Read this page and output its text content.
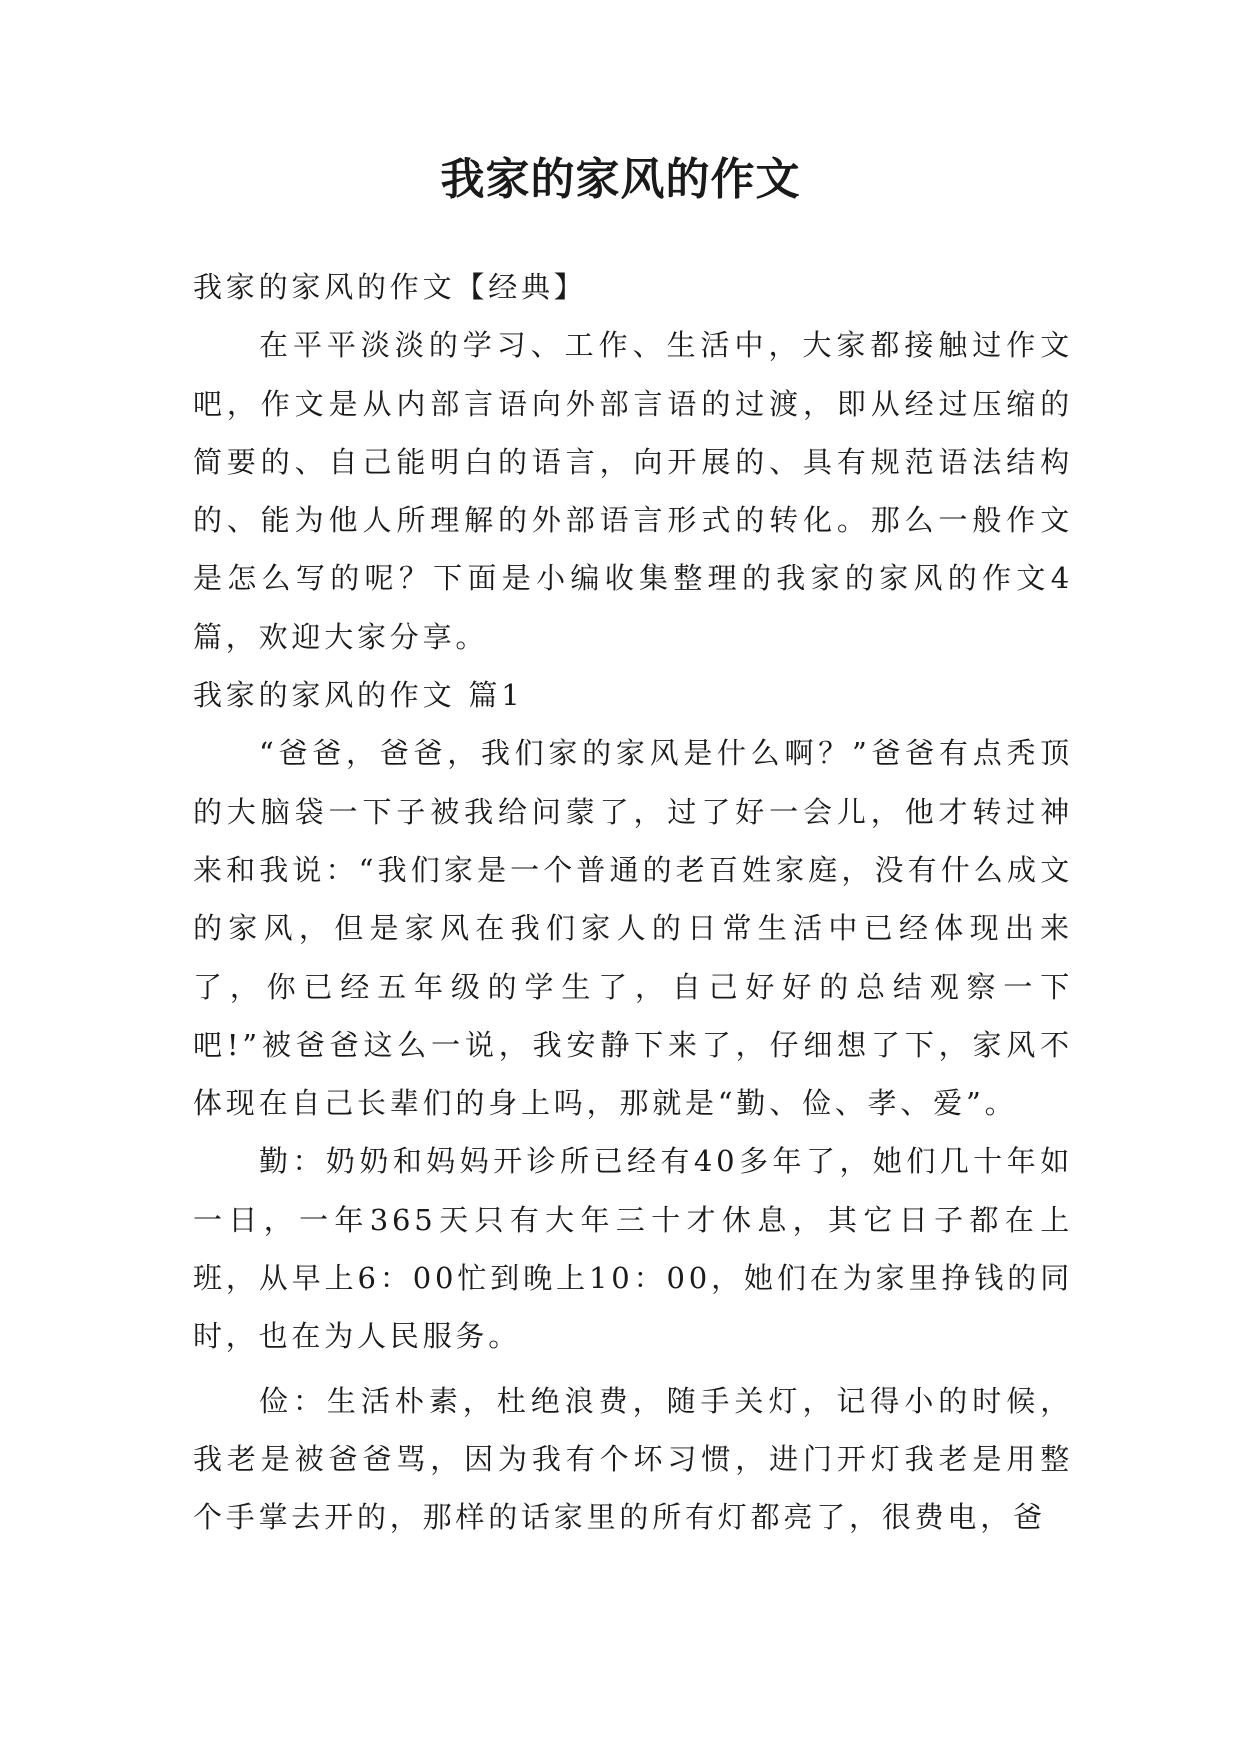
我家的家风的作文

我家的家风的作文【经典】

在平平淡淡的学习、工作、生活中，大家都接触过作文吧，作文是从内部言语向外部言语的过渡，即从经过压缩的简要的、自己能明白的语言，向开展的、具有规范语法结构的、能为他人所理解的外部语言形式的转化。那么一般作文是怎么写的呢？下面是小编收集整理的我家的家风的作文4篇，欢迎大家分享。

我家的家风的作文 篇1

“爸爸，爸爸，我们家的家风是什么啊？”爸爸有点秃顶的大脑袋一下子被我给问蒙了，过了好一会儿，他才转过神来和我说：“我们家是一个普通的老百姓家庭，没有什么成文的家风，但是家风在我们家人的日常生活中已经体现出来了，你已经五年级的学生了，自己好好的总结观察一下吧!”被爸爸这么一说，我安静下来了，仔细想了下，家风不体现在自己长辈们的身上吗，那就是“勤、俭、孝、爱”。

勤：奶奶和妈妈开诊所已经有40多年了，她们几十年如一日，一年365天只有大年三十才休息，其它日子都在上班，从早上6：00忙到晚上10：00，她们在为家里挣钱的同时，也在为人民服务。

俭：生活朴素，杜绝浪费，随手关灯，记得小的时候，我老是被爸爸骂，因为我有个坏习惯，进门开灯我老是用整个手掌去开的，那样的话家里的所有灯都亮了，很费电，爸
